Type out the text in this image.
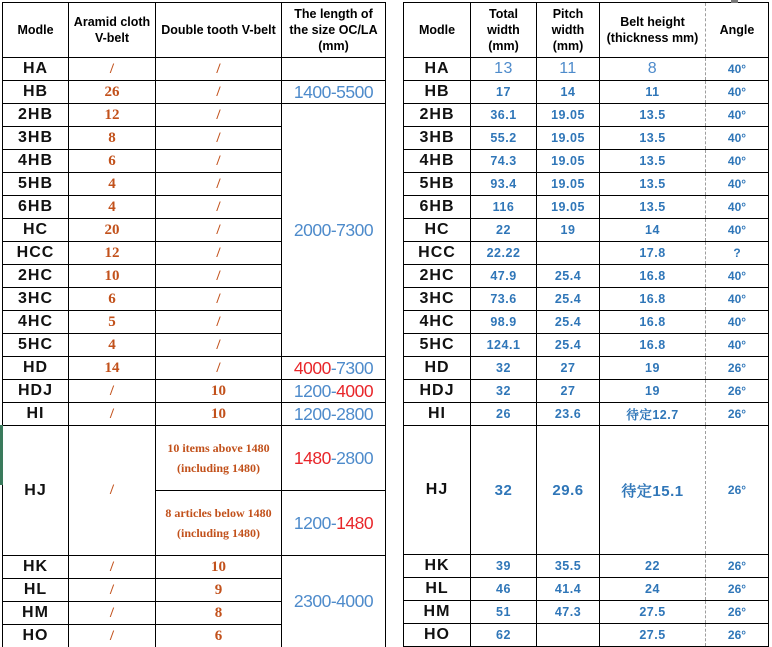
Modle	Aramid cloth V-belt	Double tooth V-belt	The length of the size OC/LA (mm)
HA	/	/	
HB	26	/	1400-5500
2HB	12	/	2000-7300
3HB	8	/	
4HB	6	/	
5HB	4	/	
6HB	4	/	
HC	20	/	
HCC	12	/	
2HC	10	/	
3HC	6	/	
4HC	5	/	
5HC	4	/	
HD	14	/	4000-7300
HDJ	/	10	1200-4000
HI	/	10	1200-2800
HJ	/	10 items above 1480 (including 1480)	1480-2800
		8 articles below 1480 (including 1480)	1200-1480
HK	/	10	2300-4000
HL	/	9	
HM	/	8	
HO	/	6	
Modle	Total width (mm)	Pitch width (mm)	Belt height (thickness mm)	Angle
HA	13	11	8	40°
HB	17	14	11	40°
2HB	36.1	19.05	13.5	40°
3HB	55.2	19.05	13.5	40°
4HB	74.3	19.05	13.5	40°
5HB	93.4	19.05	13.5	40°
6HB	116	19.05	13.5	40°
HC	22	19	14	40°
HCC	22.22		17.8	?
2HC	47.9	25.4	16.8	40°
3HC	73.6	25.4	16.8	40°
4HC	98.9	25.4	16.8	40°
5HC	124.1	25.4	16.8	40°
HD	32	27	19	26°
HDJ	32	27	19	26°
HI	26	23.6	待定12.7	26°
HJ	32	29.6	待定15.1	26°
HK	39	35.5	22	26°
HL	46	41.4	24	26°
HM	51	47.3	27.5	26°
HO	62		27.5	26°
